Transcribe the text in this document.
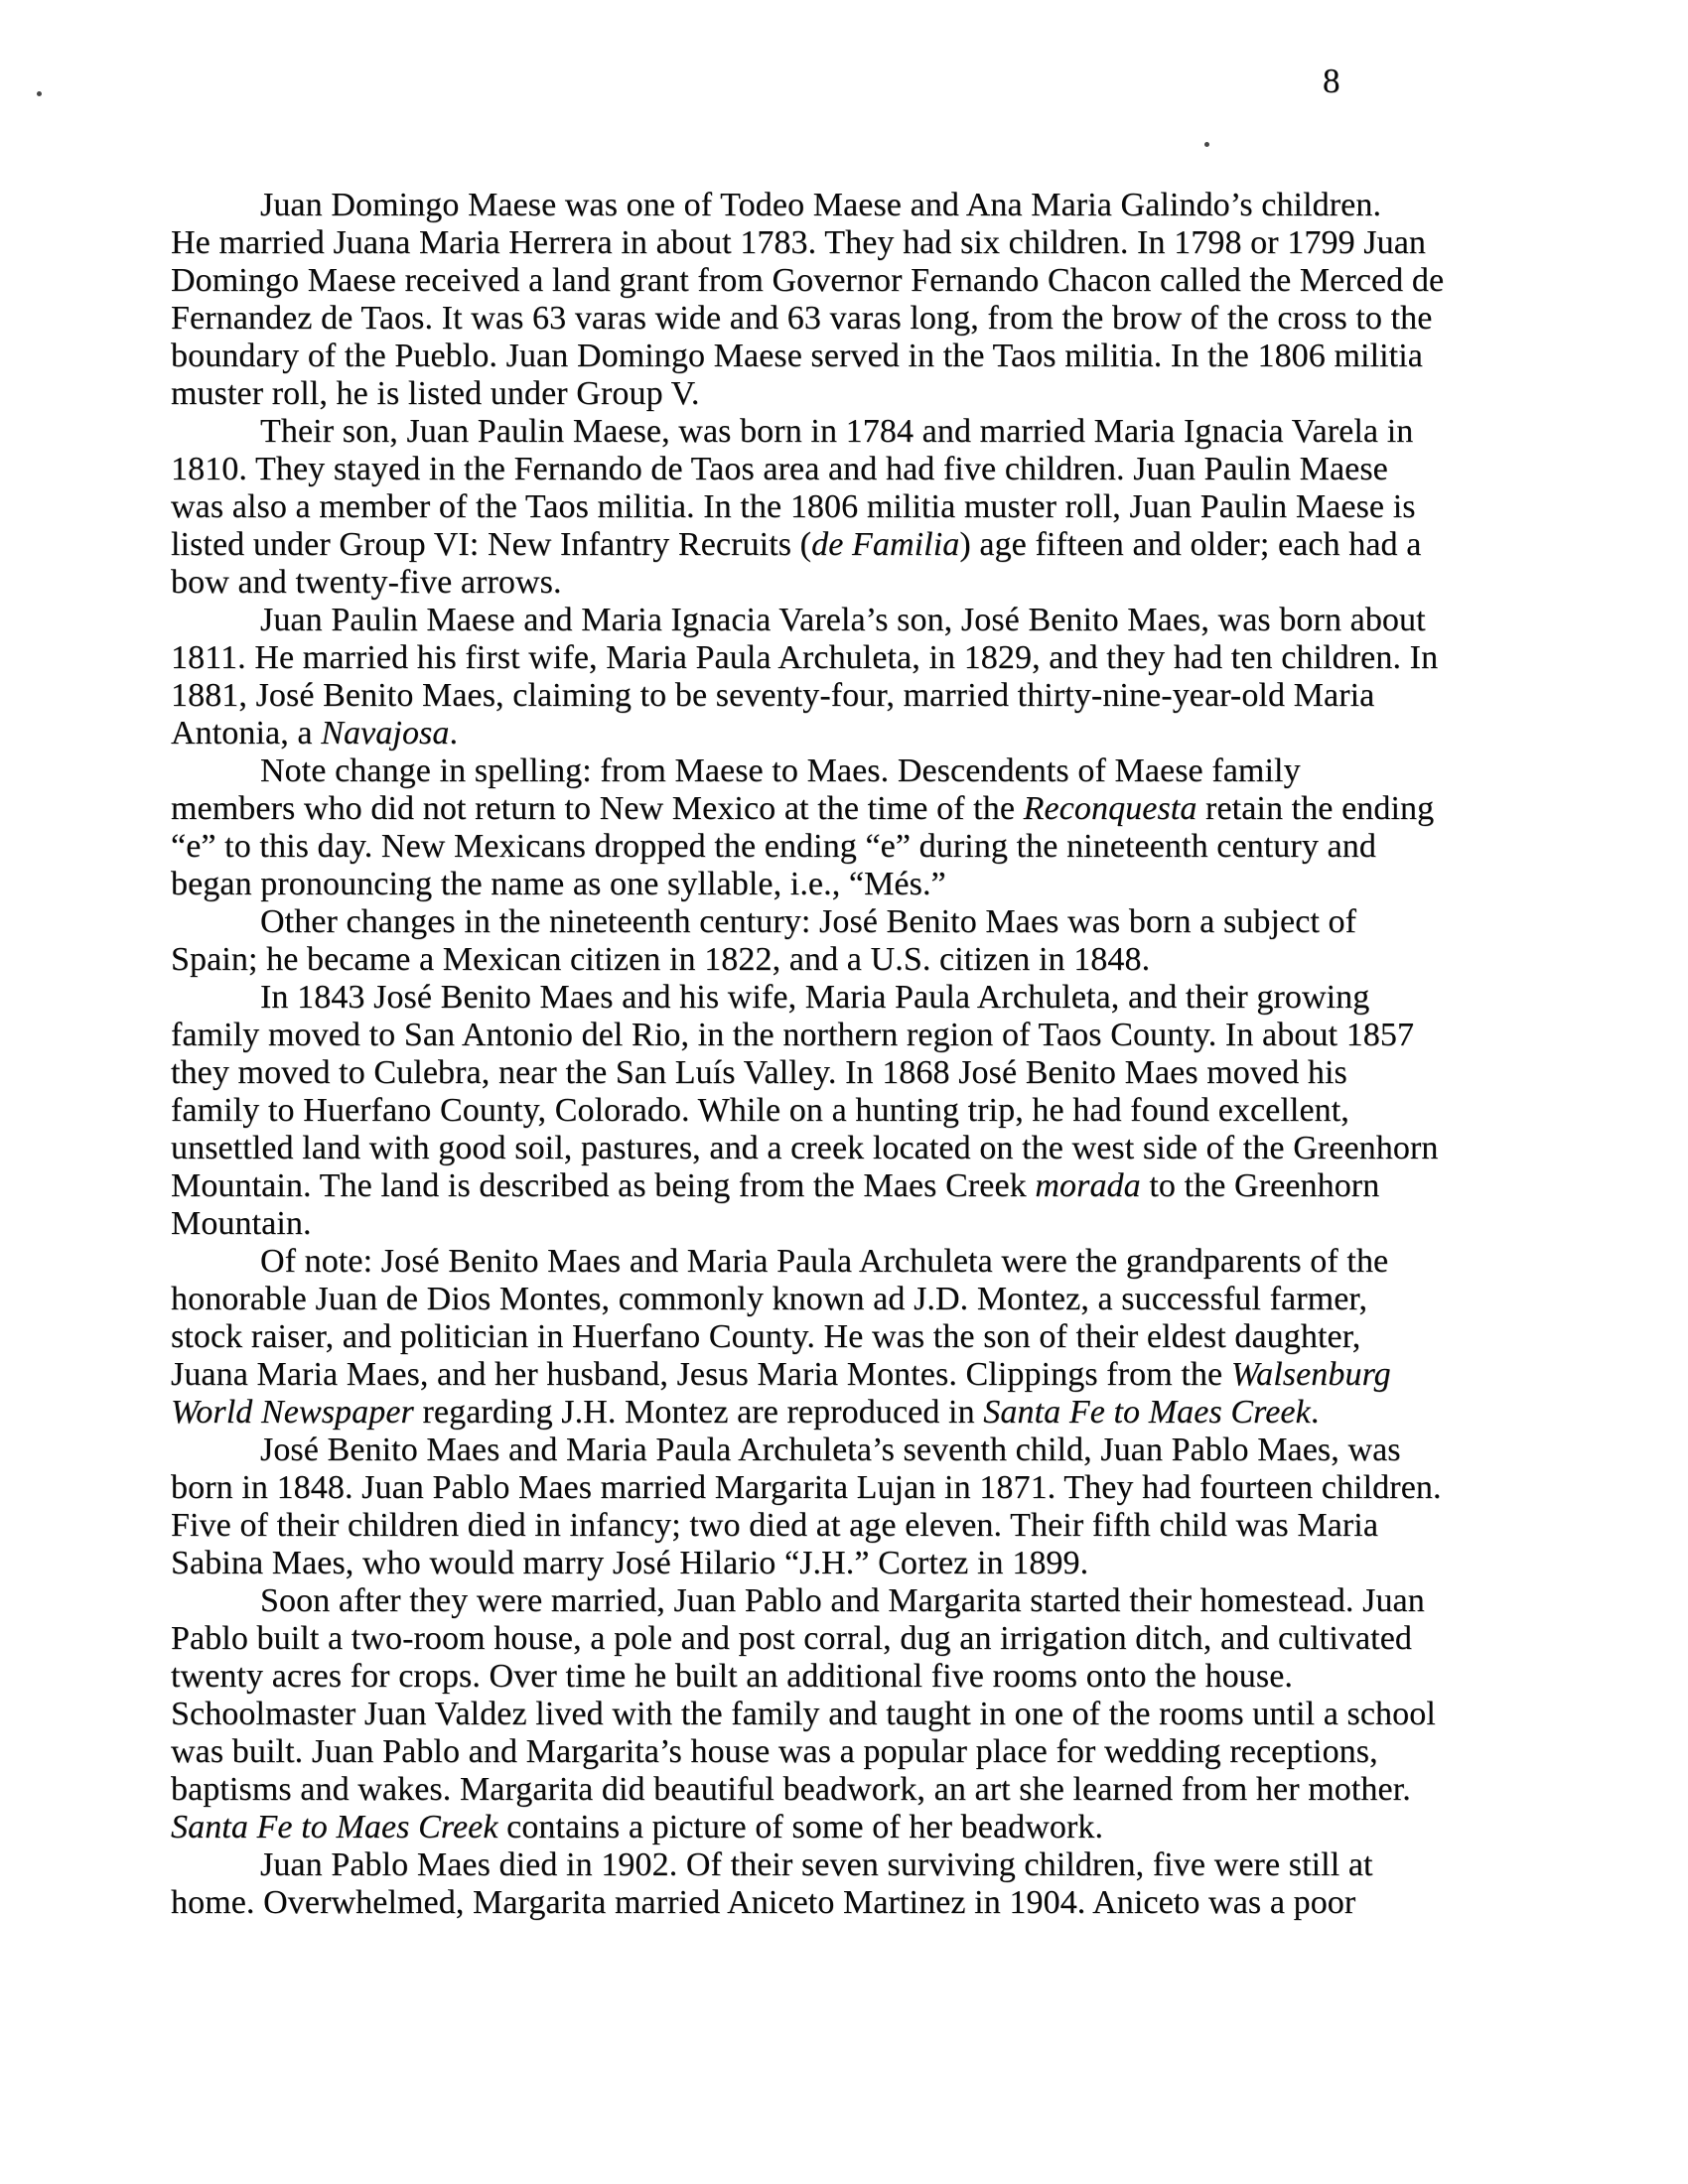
8
Juan Domingo Maese was one of Todeo Maese and Ana Maria Galindo’s children.
He married Juana Maria Herrera in about 1783. They had six children. In 1798 or 1799 Juan
Domingo Maese received a land grant from Governor Fernando Chacon called the Merced de
Fernandez de Taos. It was 63 varas wide and 63 varas long, from the brow of the cross to the
boundary of the Pueblo. Juan Domingo Maese served in the Taos militia. In the 1806 militia
muster roll, he is listed under Group V.
Their son, Juan Paulin Maese, was born in 1784 and married Maria Ignacia Varela in
1810. They stayed in the Fernando de Taos area and had five children. Juan Paulin Maese
was also a member of the Taos militia. In the 1806 militia muster roll, Juan Paulin Maese is
listed under Group VI: New Infantry Recruits (de Familia) age fifteen and older; each had a
bow and twenty-five arrows.
Juan Paulin Maese and Maria Ignacia Varela’s son, José Benito Maes, was born about
1811. He married his first wife, Maria Paula Archuleta, in 1829, and they had ten children. In
1881, José Benito Maes, claiming to be seventy-four, married thirty-nine-year-old Maria
Antonia, a Navajosa.
Note change in spelling: from Maese to Maes. Descendents of Maese family
members who did not return to New Mexico at the time of the Reconquesta retain the ending
“e” to this day. New Mexicans dropped the ending “e” during the nineteenth century and
began pronouncing the name as one syllable, i.e., “Més.”
Other changes in the nineteenth century: José Benito Maes was born a subject of
Spain; he became a Mexican citizen in 1822, and a U.S. citizen in 1848.
In 1843 José Benito Maes and his wife, Maria Paula Archuleta, and their growing
family moved to San Antonio del Rio, in the northern region of Taos County. In about 1857
they moved to Culebra, near the San Luís Valley. In 1868 José Benito Maes moved his
family to Huerfano County, Colorado. While on a hunting trip, he had found excellent,
unsettled land with good soil, pastures, and a creek located on the west side of the Greenhorn
Mountain. The land is described as being from the Maes Creek morada to the Greenhorn
Mountain.
Of note: José Benito Maes and Maria Paula Archuleta were the grandparents of the
honorable Juan de Dios Montes, commonly known ad J.D. Montez, a successful farmer,
stock raiser, and politician in Huerfano County. He was the son of their eldest daughter,
Juana Maria Maes, and her husband, Jesus Maria Montes. Clippings from the Walsenburg
World Newspaper regarding J.H. Montez are reproduced in Santa Fe to Maes Creek.
José Benito Maes and Maria Paula Archuleta’s seventh child, Juan Pablo Maes, was
born in 1848. Juan Pablo Maes married Margarita Lujan in 1871. They had fourteen children.
Five of their children died in infancy; two died at age eleven. Their fifth child was Maria
Sabina Maes, who would marry José Hilario “J.H.” Cortez in 1899.
Soon after they were married, Juan Pablo and Margarita started their homestead. Juan
Pablo built a two-room house, a pole and post corral, dug an irrigation ditch, and cultivated
twenty acres for crops. Over time he built an additional five rooms onto the house.
Schoolmaster Juan Valdez lived with the family and taught in one of the rooms until a school
was built. Juan Pablo and Margarita’s house was a popular place for wedding receptions,
baptisms and wakes. Margarita did beautiful beadwork, an art she learned from her mother.
Santa Fe to Maes Creek contains a picture of some of her beadwork.
Juan Pablo Maes died in 1902. Of their seven surviving children, five were still at
home. Overwhelmed, Margarita married Aniceto Martinez in 1904. Aniceto was a poor
